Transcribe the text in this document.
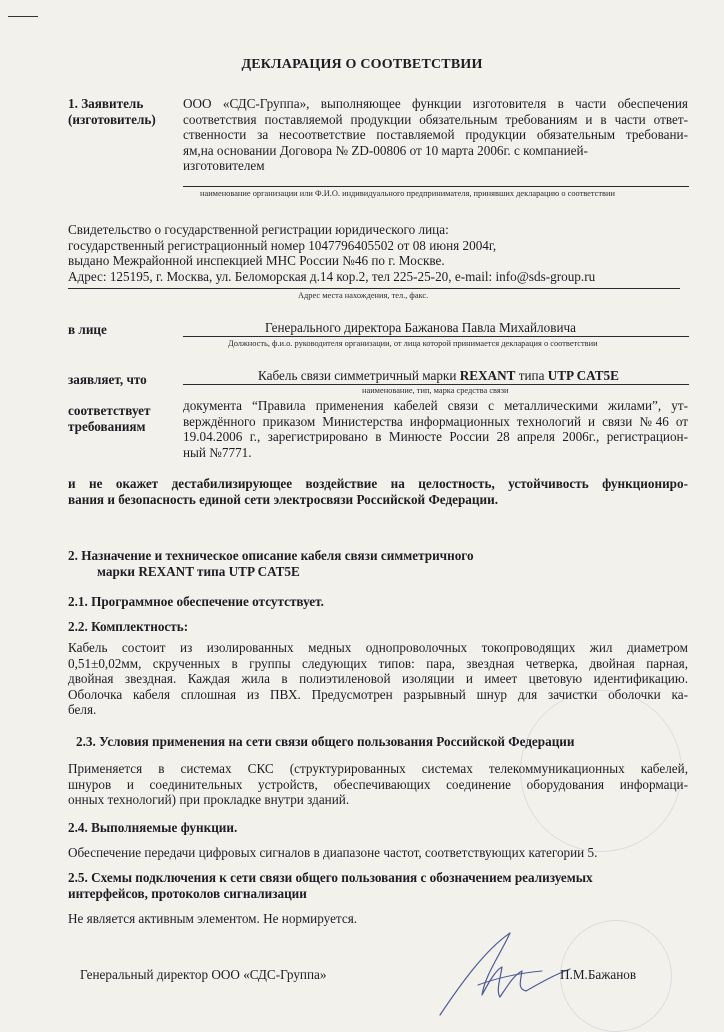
ДЕКЛАРАЦИЯ О СООТВЕТСТВИИ
1. Заявитель
(изготовитель)
ООО «СДС-Группа», выполняющее функции изготовителя в части обеспечения
соответствия поставляемой продукции обязательным требованиям и в части ответ-
ственности за несоответствие поставляемой продукции обязательным требовани-
ям,на основании Договора № ZD-00806 от 10 марта 2006г. с компанией-
изготовителем
наименование организации или Ф.И.О. индивидуального предпринимателя, принявших декларацию о соответствии
Свидетельство о государственной регистрации юридического лица:
государственный регистрационный номер 1047796405502 от 08 июня 2004г,
выдано Межрайонной инспекцией МНС России №46 по г. Москве.
Адрес: 125195, г. Москва, ул. Беломорская д.14 кор.2, тел 225-25-20, e-mail: info@sds-group.ru
Адрес места нахождения, тел., факс.
в лице	Генерального директора Бажанова Павла Михайловича
Должность, ф.и.о. руководителя организации, от лица которой принимается декларация о соответствии
заявляет, что	Кабель связи симметричный марки REXANT типа UTP CAT5E
наименование, тип, марка средства связи
соответствует
требованиям
документа “Правила применения кабелей связи с металлическими жилами”, ут-
верждённого приказом Министерства информационных технологий и связи №46 от
19.04.2006 г., зарегистрировано в Минюсте России 28 апреля 2006г., регистрацион-
ный №7771.
и не окажет дестабилизирующее воздействие на целостность, устойчивость функциониро-
вания и безопасность единой сети электросвязи Российской Федерации.
2. Назначение и техническое описание кабеля связи симметричного
марки REXANT типа UTP CAT5E
2.1. Программное обеспечение отсутствует.
2.2. Комплектность:
Кабель состоит из изолированных медных однопроволочных токопроводящих жил диаметром
0,51±0,02мм, скрученных в группы следующих типов: пара, звездная четверка, двойная парная,
двойная звездная. Каждая жила в полиэтиленовой изоляции и имеет цветовую идентификацию.
Оболочка кабеля сплошная из ПВХ. Предусмотрен разрывный шнур для зачистки оболочки ка-
беля.
2.3. Условия применения на сети связи общего пользования Российской Федерации
Применяется в системах СКС (структурированных системах телекоммуникационных кабелей,
шнуров и соединительных устройств, обеспечивающих соединение оборудования информаци-
онных технологий) при прокладке внутри зданий.
2.4. Выполняемые функции.
Обеспечение передачи цифровых сигналов в диапазоне частот, соответствующих категории 5.
2.5. Схемы подключения к сети связи общего пользования с обозначением реализуемых
интерфейсов, протоколов сигнализации
Не является активным элементом. Не нормируется.
Генеральный директор ООО «СДС-Группа»	П.М.Бажанов
